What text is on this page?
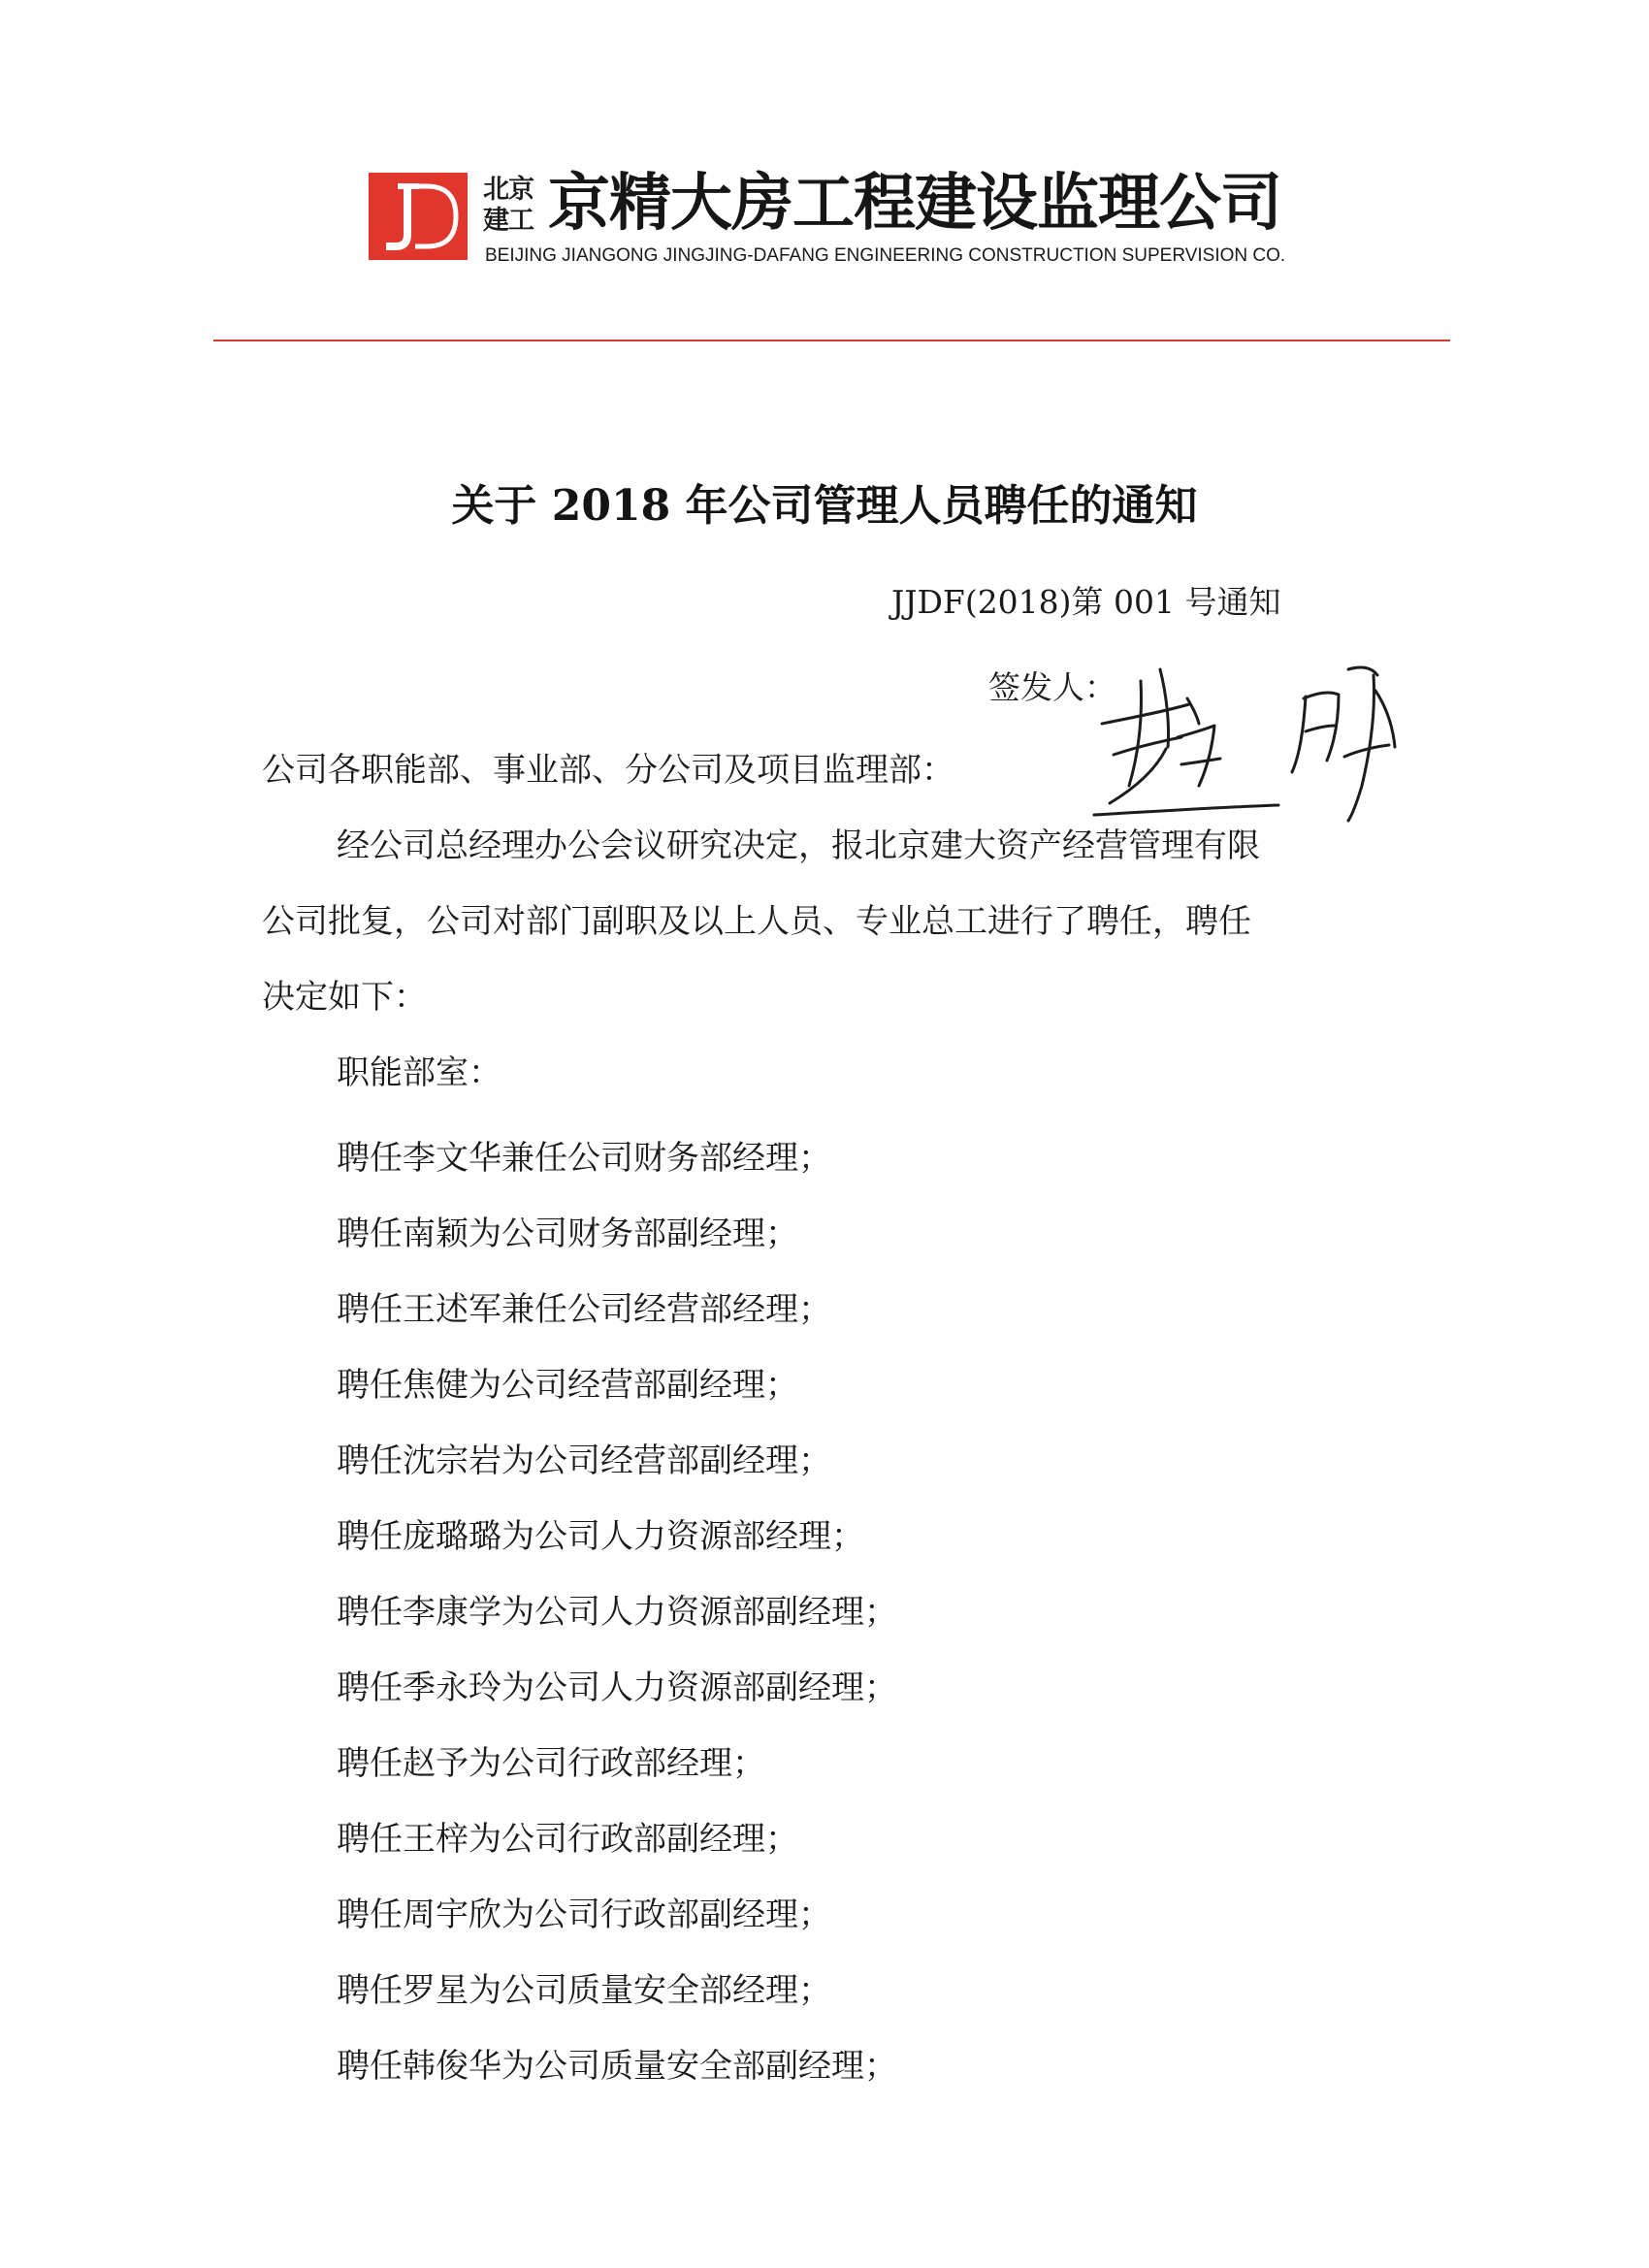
北京
建工 京精大房工程建设监理公司
BEIJING JIANGONG JINGJING-DAFANG ENGINEERING CONSTRUCTION SUPERVISION CO.
关于 2018 年公司管理人员聘任的通知
JJDF(2018)第 001 号通知
签发人：
公司各职能部、事业部、分公司及项目监理部：
经公司总经理办公会议研究决定，报北京建大资产经营管理有限
公司批复，公司对部门副职及以上人员、专业总工进行了聘任，聘任
决定如下：
职能部室：
聘任李文华兼任公司财务部经理；
聘任南颖为公司财务部副经理；
聘任王述军兼任公司经营部经理；
聘任焦健为公司经营部副经理；
聘任沈宗岩为公司经营部副经理；
聘任庞璐璐为公司人力资源部经理；
聘任李康学为公司人力资源部副经理；
聘任季永玲为公司人力资源部副经理；
聘任赵予为公司行政部经理；
聘任王梓为公司行政部副经理；
聘任周宇欣为公司行政部副经理；
聘任罗星为公司质量安全部经理；
聘任韩俊华为公司质量安全部副经理；
